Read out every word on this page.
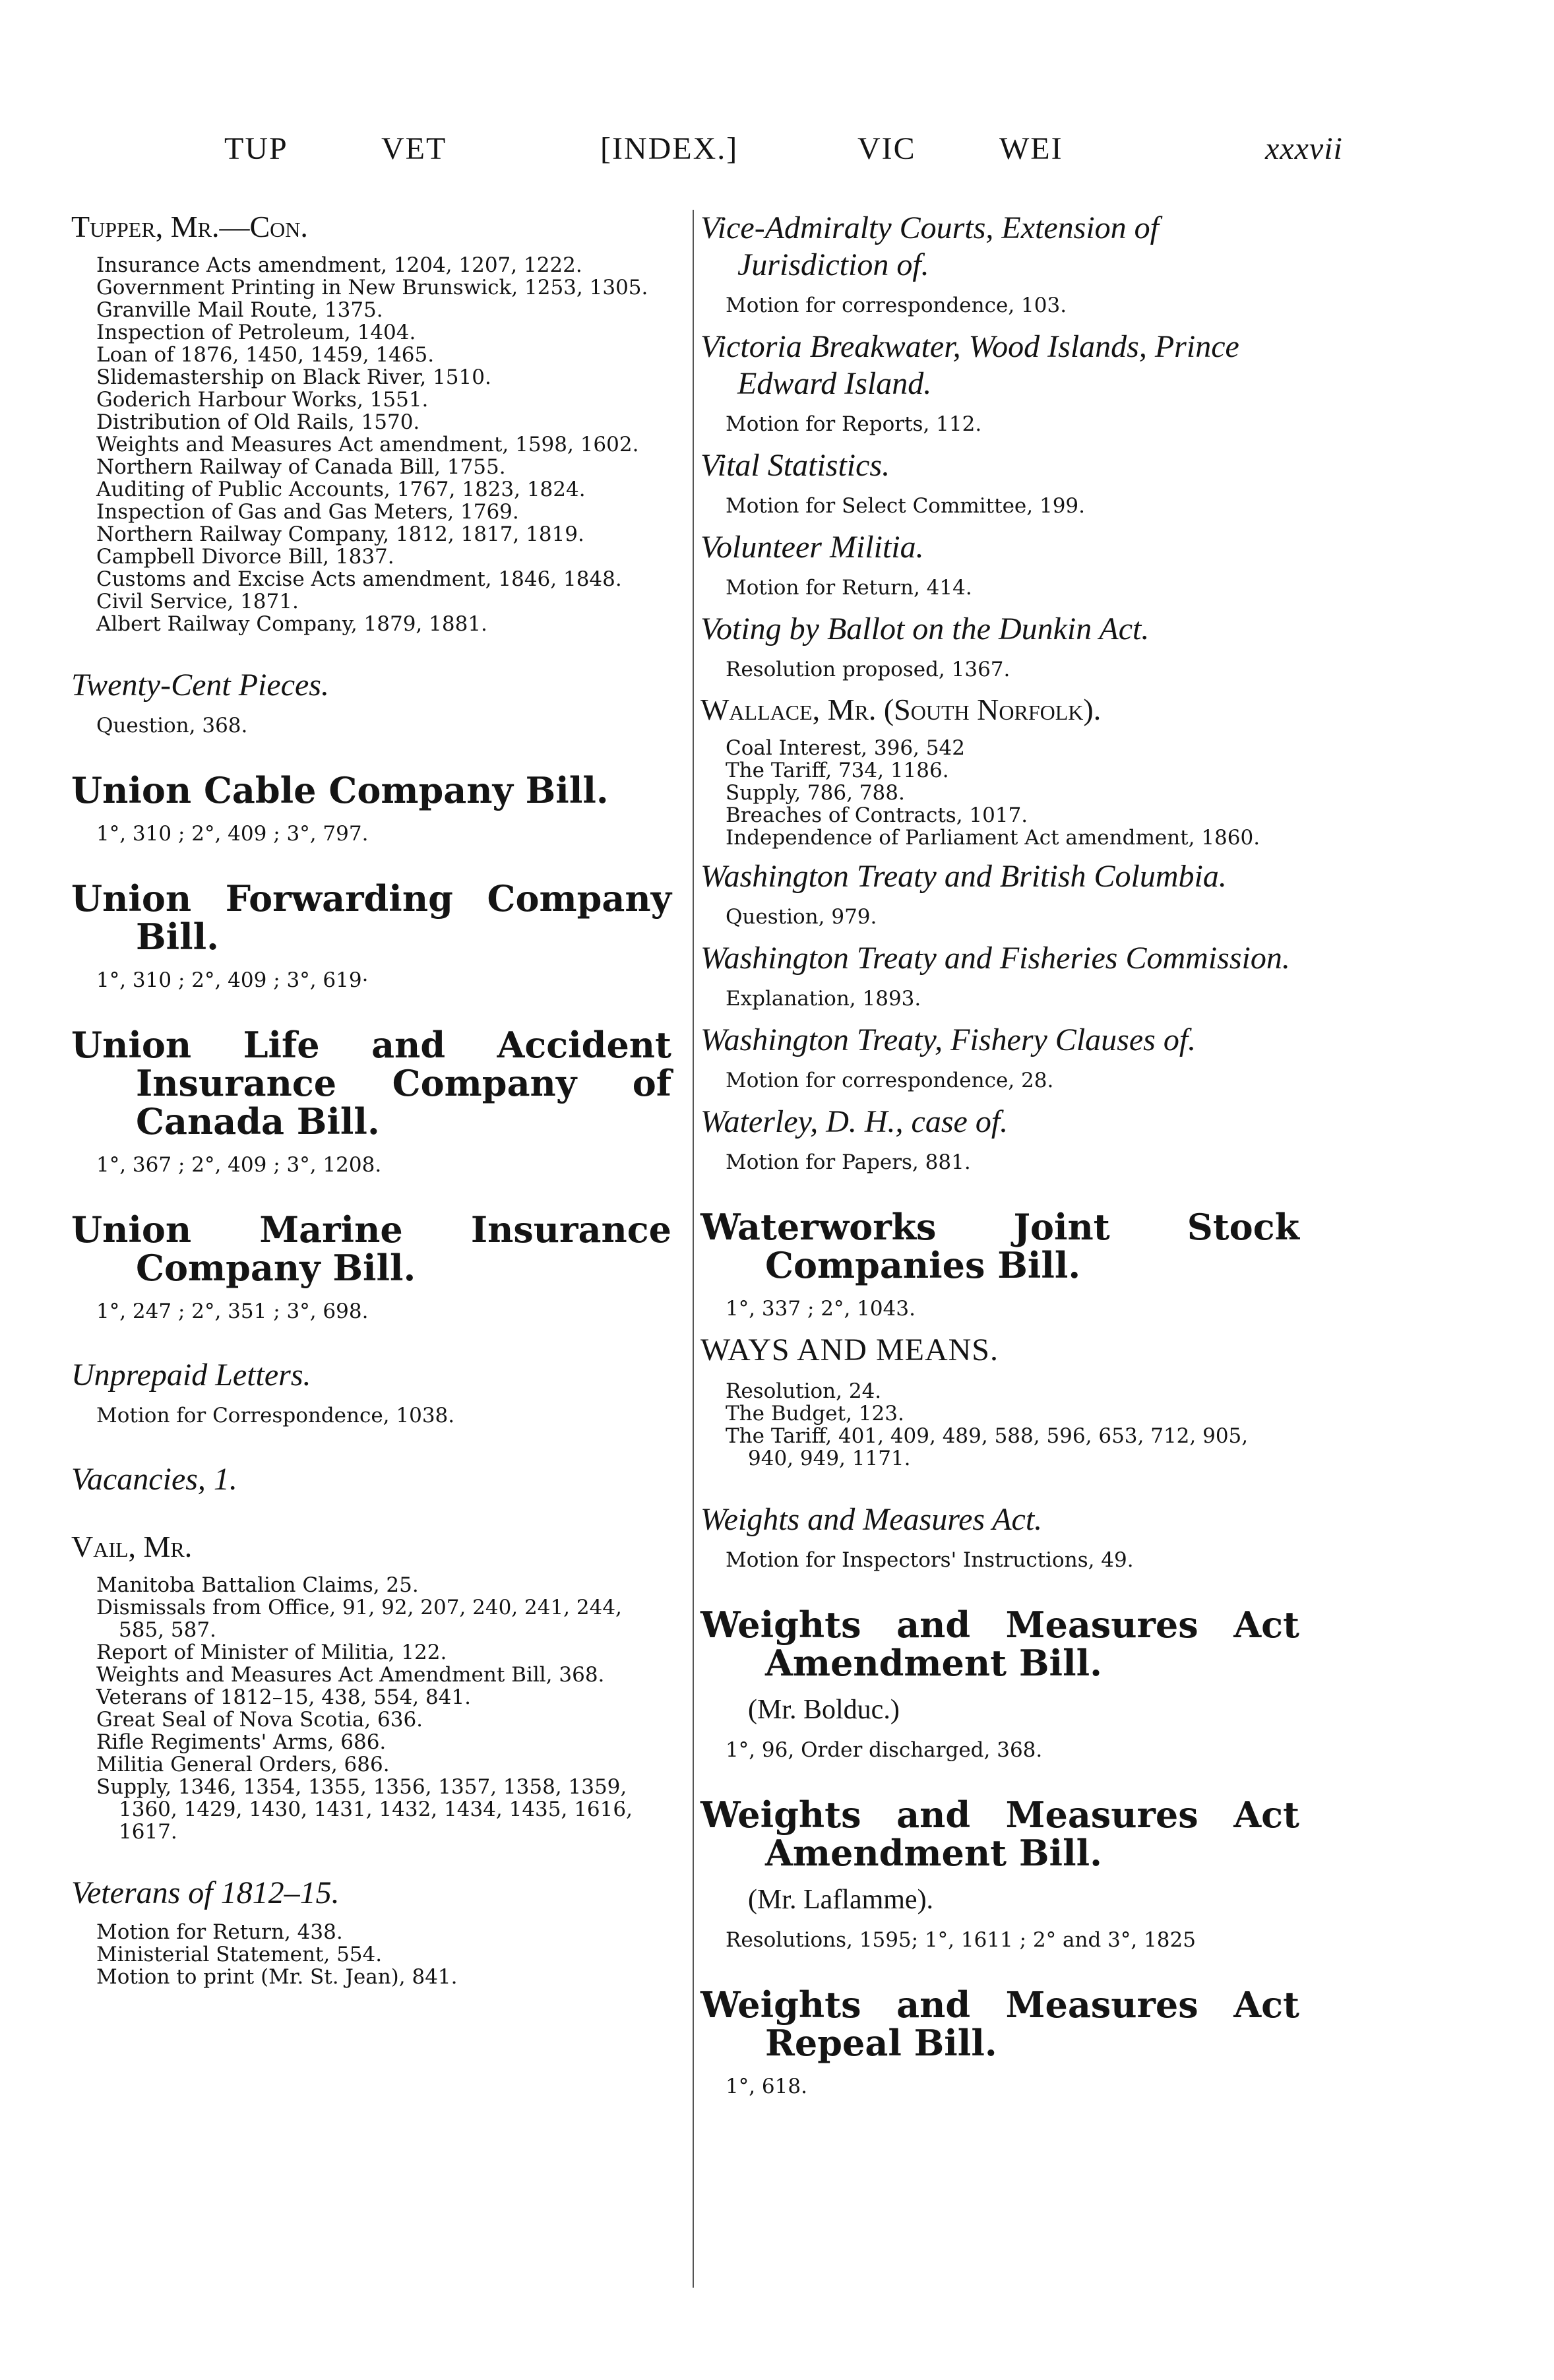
TUP	VET	[INDEX.]	VIC	WEI	xxxvii
Tupper, Mr.—Con.
Insurance Acts amendment, 1204, 1207, 1222.
Government Printing in New Brunswick, 1253, 1305.
Granville Mail Route, 1375.
Inspection of Petroleum, 1404.
Loan of 1876, 1450, 1459, 1465.
Slidemastership on Black River, 1510.
Goderich Harbour Works, 1551.
Distribution of Old Rails, 1570.
Weights and Measures Act amendment, 1598, 1602.
Northern Railway of Canada Bill, 1755.
Auditing of Public Accounts, 1767, 1823, 1824.
Inspection of Gas and Gas Meters, 1769.
Northern Railway Company, 1812, 1817, 1819.
Campbell Divorce Bill, 1837.
Customs and Excise Acts amendment, 1846, 1848.
Civil Service, 1871.
Albert Railway Company, 1879, 1881.
Twenty-Cent Pieces.
Question, 368.
Union Cable Company Bill.
1°, 310 ; 2°, 409 ; 3°, 797.
Union Forwarding Company Bill.
1°, 310 ; 2°, 409 ; 3°, 619·
Union Life and Accident Insurance Company of Canada Bill.
1°, 367 ; 2°, 409 ; 3°, 1208.
Union Marine Insurance Company Bill.
1°, 247 ; 2°, 351 ; 3°, 698.
Unprepaid Letters.
Motion for Correspondence, 1038.
Vacancies, 1.
Vail, Mr.
Manitoba Battalion Claims, 25.
Dismissals from Office, 91, 92, 207, 240, 241, 244, 585, 587.
Report of Minister of Militia, 122.
Weights and Measures Act Amendment Bill, 368.
Veterans of 1812–15, 438, 554, 841.
Great Seal of Nova Scotia, 636.
Rifle Regiments' Arms, 686.
Militia General Orders, 686.
Supply, 1346, 1354, 1355, 1356, 1357, 1358, 1359, 1360, 1429, 1430, 1431, 1432, 1434, 1435, 1616, 1617.
Veterans of 1812–15.
Motion for Return, 438.
Ministerial Statement, 554.
Motion to print (Mr. St. Jean), 841.
Vice-Admiralty Courts, Extension of Jurisdiction of.
Motion for correspondence, 103.
Victoria Breakwater, Wood Islands, Prince Edward Island.
Motion for Reports, 112.
Vital Statistics.
Motion for Select Committee, 199.
Volunteer Militia.
Motion for Return, 414.
Voting by Ballot on the Dunkin Act.
Resolution proposed, 1367.
Wallace, Mr. (South Norfolk).
Coal Interest, 396, 542
The Tariff, 734, 1186.
Supply, 786, 788.
Breaches of Contracts, 1017.
Independence of Parliament Act amendment, 1860.
Washington Treaty and British Columbia.
Question, 979.
Washington Treaty and Fisheries Commission.
Explanation, 1893.
Washington Treaty, Fishery Clauses of.
Motion for correspondence, 28.
Waterley, D. H., case of.
Motion for Papers, 881.
Waterworks Joint Stock Companies Bill.
1°, 337 ; 2°, 1043.
WAYS AND MEANS.
Resolution, 24.
The Budget, 123.
The Tariff, 401, 409, 489, 588, 596, 653, 712, 905, 940, 949, 1171.
Weights and Measures Act.
Motion for Inspectors' Instructions, 49.
Weights and Measures Act Amendment Bill.
(Mr. Bolduc.)
1°, 96, Order discharged, 368.
Weights and Measures Act Amendment Bill.
(Mr. Laflamme).
Resolutions, 1595; 1°, 1611 ; 2° and 3°, 1825
Weights and Measures Act Repeal Bill.
1°, 618.
